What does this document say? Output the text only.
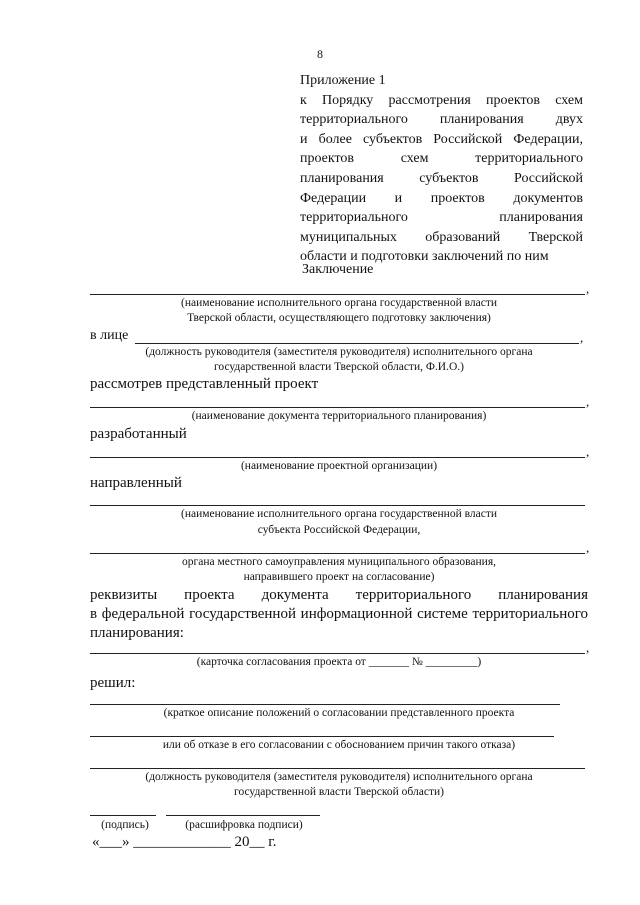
8
Приложение 1
к Порядку рассмотрения проектов схем
территориального планирования двух
и более субъектов Российской Федерации,
проектов схем территориального
планирования субъектов Российской
Федерации и проектов документов
территориального планирования
муниципальных образований Тверской
области и подготовки заключений по ним
Заключение
,
(наименование исполнительного органа государственной власти
Тверской области, осуществляющего подготовку заключения)
в лице	,
(должность руководителя (заместителя руководителя) исполнительного органа
государственной власти Тверской области, Ф.И.О.)
рассмотрев представленный проект
,
(наименование документа территориального планирования)
разработанный
,
(наименование проектной организации)
направленный
(наименование исполнительного органа государственной власти
субъекта Российской Федерации,
,
органа местного самоуправления муниципального образования,
направившего проект на согласование)
реквизиты проекта документа территориального планирования
в федеральной государственной информационной системе территориального
планирования:
,
(карточка согласования проекта от _______ № _________)
решил:
(краткое описание положений о согласовании представленного проекта
или об отказе в его согласовании с обоснованием причин такого отказа)
(должность руководителя (заместителя руководителя) исполнительного органа
государственной власти Тверской области)
(подпись)	(расшифровка подписи)
«___» _____________ 20__ г.
